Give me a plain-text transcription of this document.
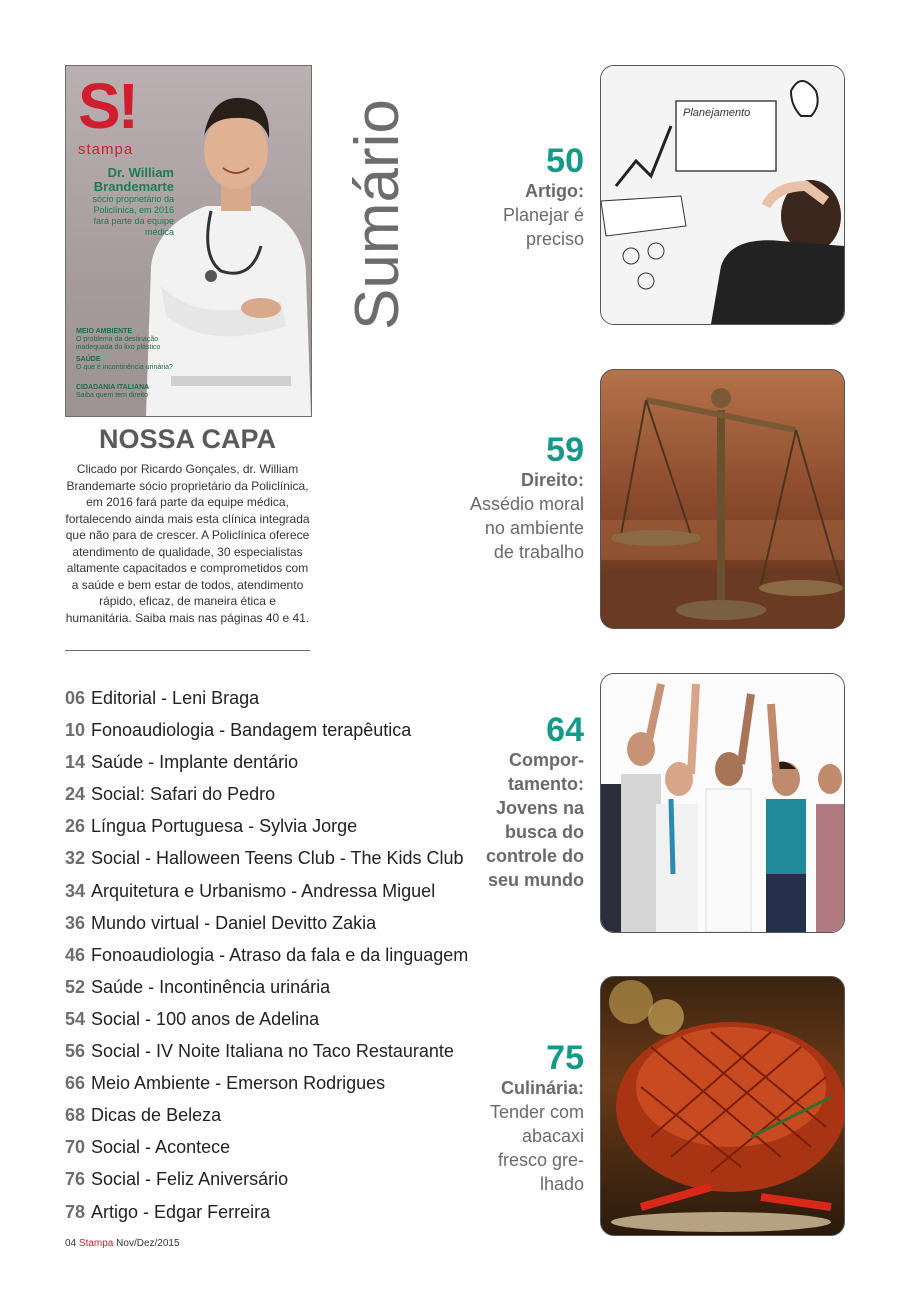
S!
stampa
Dr. William Brandemarte
sócio proprietário da Policlínica, em 2016 fará parte da equipe médica
MEIO AMBIENTE
O problema da destinação inadequada do lixo plástico
SAÚDE
O que é incontinência urinária?
CIDADANIA ITALIANA
Saiba quem tem direito
NOSSA CAPA
Clicado por Ricardo Gonçales, dr. William Brandemarte sócio proprietário da Policlínica, em 2016 fará parte da equipe médica, fortalecendo ainda mais esta clínica integrada que não para de crescer. A Policlínica oferece atendimento de qualidade, 30 especialistas altamente capacitados e comprometidos com a saúde e bem estar de todos, atendimento rápido, eficaz, de maneira ética e humanitária. Saiba mais nas páginas 40 e 41.
Sumário
06 Editorial - Leni Braga
10 Fonoaudiologia - Bandagem terapêutica
14 Saúde - Implante dentário
24 Social: Safari do Pedro
26 Língua Portuguesa - Sylvia Jorge
32 Social - Halloween Teens Club - The Kids Club
34 Arquitetura e Urbanismo - Andressa Miguel
36 Mundo virtual - Daniel Devitto Zakia
46 Fonoaudiologia - Atraso da fala e da linguagem
52 Saúde - Incontinência urinária
54 Social - 100 anos de Adelina
56 Social - IV Noite Italiana no Taco Restaurante
66 Meio Ambiente - Emerson Rodrigues
68 Dicas de Beleza
70 Social - Acontece
76 Social - Feliz Aniversário
78 Artigo - Edgar Ferreira
50
Artigo:
Planejar é
preciso
Planejamento
59
Direito:
Assédio moral
no ambiente
de trabalho
64
Compor-
tamento:
Jovens na
busca do
controle do
seu mundo
75
Culinária:
Tender com
abacaxi
fresco gre-
lhado
04 Stampa Nov/Dez/2015
